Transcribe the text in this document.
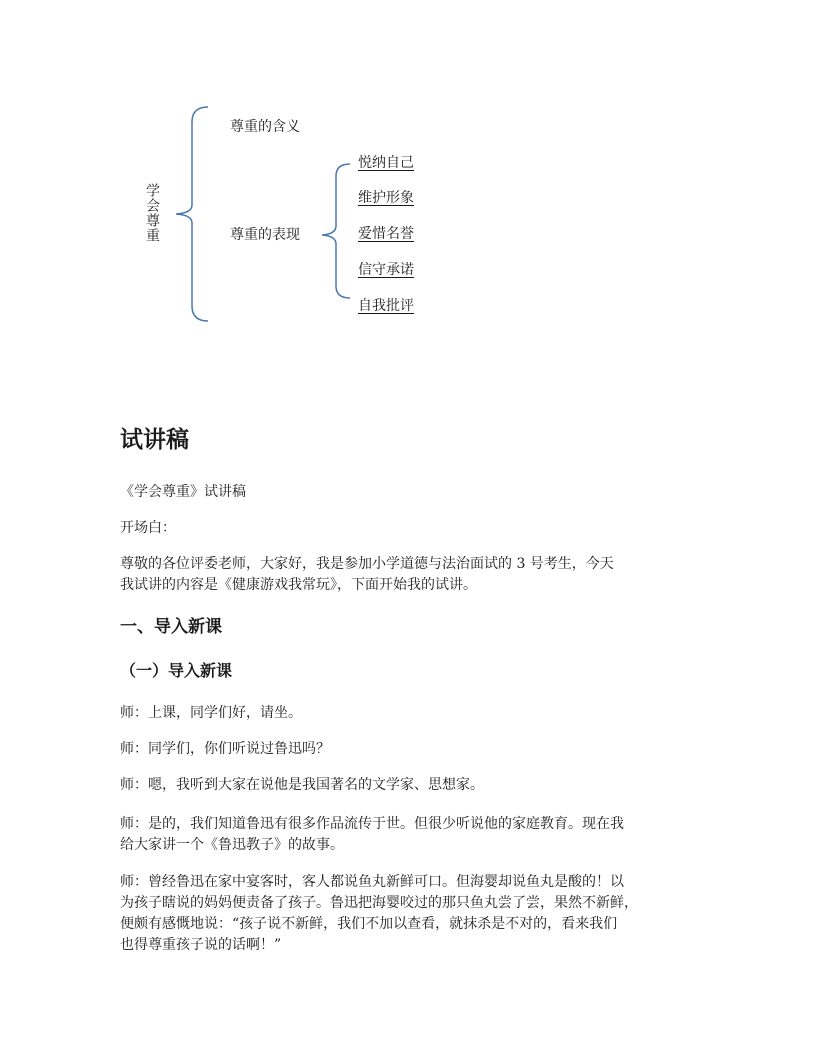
学会尊重
尊重的含义
尊重的表现
悦纳自己
维护形象
爱惜名誉
信守承诺
自我批评
试讲稿
《学会尊重》试讲稿
开场白：
尊敬的各位评委老师，大家好，我是参加小学道德与法治面试的 3 号考生，今天
我试讲的内容是《健康游戏我常玩》，下面开始我的试讲。
一、导入新课
（一）导入新课
师：上课，同学们好，请坐。
师：同学们，你们听说过鲁迅吗？
师：嗯，我听到大家在说他是我国著名的文学家、思想家。
师：是的，我们知道鲁迅有很多作品流传于世。但很少听说他的家庭教育。现在我
给大家讲一个《鲁迅教子》的故事。
师：曾经鲁迅在家中宴客时，客人都说鱼丸新鲜可口。但海婴却说鱼丸是酸的！以
为孩子瞎说的妈妈便责备了孩子。鲁迅把海婴咬过的那只鱼丸尝了尝，果然不新鲜，
便颇有感慨地说：“孩子说不新鲜，我们不加以查看，就抹杀是不对的，看来我们
也得尊重孩子说的话啊！”
